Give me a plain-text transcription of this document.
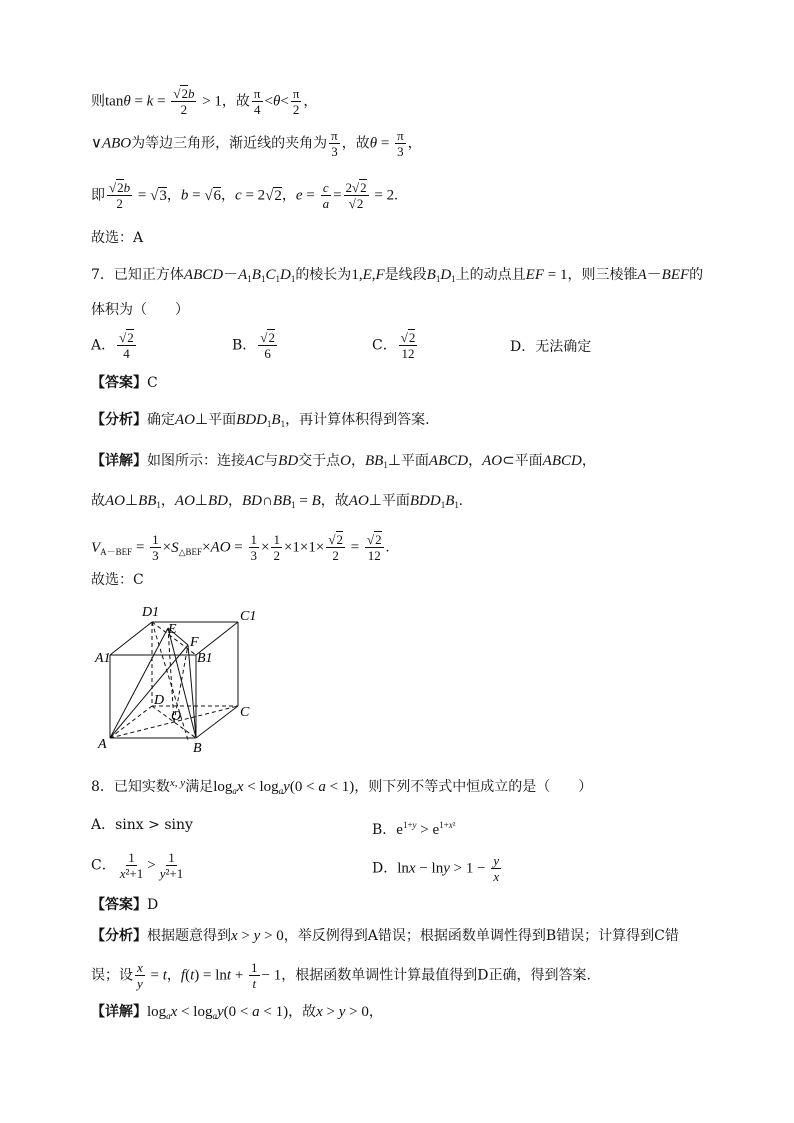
则$\tan\theta = k = \frac{√2b}{2} > 1$，故 $\frac{\pi}{4} <\theta< \frac{\pi}{2}$ ，
∨ABO为等边三角形，渐近线的夹角为 $\frac{\pi}{3}$ ，故$\theta = \frac{\pi}{3}$ ，
即 $\frac{√2b}{2} = √3$，b = √6，c = 2√2，$e = \frac{c}{a} = \frac{2√2}{√2} = 2$.
故选：A
7．已知正方体$ABCD-A_1B_1C_1D_1$的棱长为1,E,F是线段$B_1D_1$上的动点且EF = 1，则三棱锥A－BEF的
体积为（　　）
A． $\frac{√2}{4}$	B． $\frac{√2}{6}$	C． $\frac{√2}{12}$	D．无法确定
【答案】C
【分析】确定AO⊥平面$BDD_1B_1$，再计算体积得到答案.
【详解】如图所示：连接AC与BD交于点O，$BB_1\perp$平面ABCD，AO⊂平面ABCD，
故$AO\perp BB_1$，AO⊥BD，$BD\cap BB_1 = B$，故AO⊥平面$BDD_1B_1$.
$V_{A-BEF} = \frac{1}{3} \times S_{\triangle BEF}\times AO = \frac{1}{3} \times \frac{1}{2} \times 1\times 1\times \frac{√2}{2} = \frac{√2}{12}$ .
故选：C
D1	C1
A1	B1
E
F
D
C
O
A	B
8．已知实数$^{x, y}$满足$\log_ax < \log_ay(0 < a < 1)$，则下列不等式中恒成立的是（　　）
A．sinx > siny	B．$e^{1+y} > e^{1+x^2}$
C． $\frac{1}{\text{x²+1}} > \frac{1}{\text{y²+1}}$	D．$\ln x - \ln y > 1 - \frac{y}{x}$
【答案】D
【分析】根据题意得到x > y > 0，举反例得到A错误；根据函数单调性得到B错误；计算得到C错
误；设 $\frac{x}{y} = t$，$f(t) = \ln t + \frac{1}{t} - 1$，根据函数单调性计算最值得到D正确，得到答案.
【详解】$\log_ax < \log_ay(0 < a < 1)$，故x > y > 0，
